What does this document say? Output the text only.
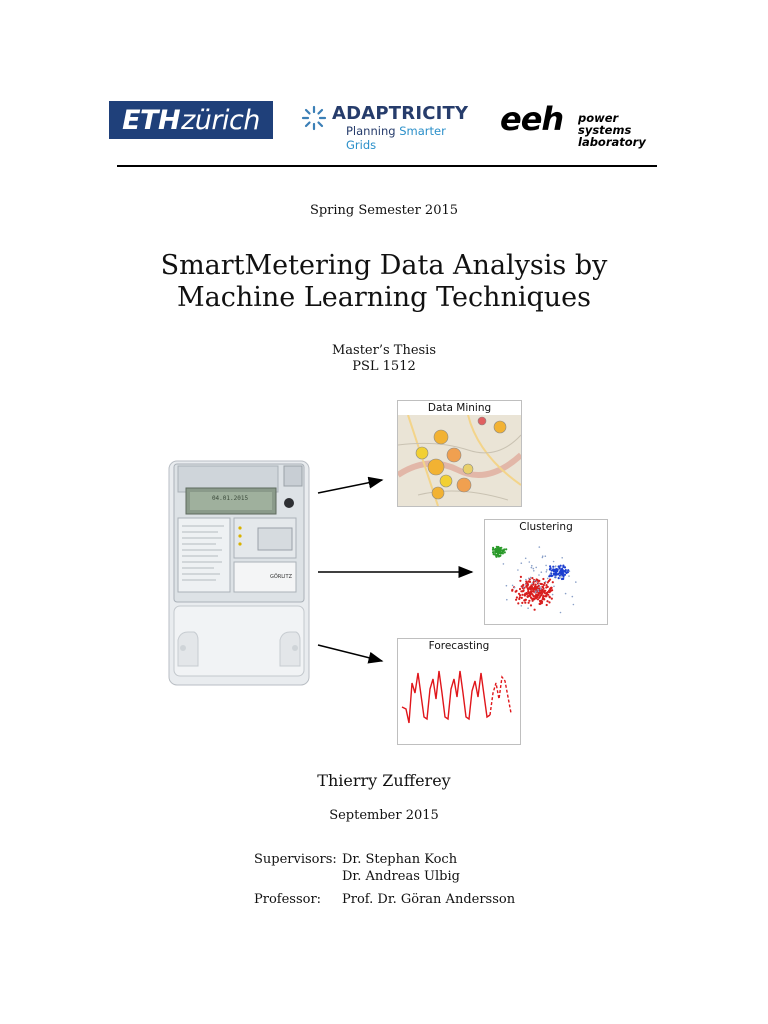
ETH zürich	ADAPTRICITY
Planning Smarter Grids
eeh power systems
laboratory
Spring Semester 2015
SmartMetering Data Analysis by
Machine Learning Techniques
Master’s Thesis
PSL 1512
04.01.2015
GÖRLITZ
Data Mining
Clustering
Forecasting
Thierry Zufferey
September 2015
Supervisors: Dr. Stephan Koch
Dr. Andreas Ulbig
Professor:	Prof. Dr. Göran Andersson
